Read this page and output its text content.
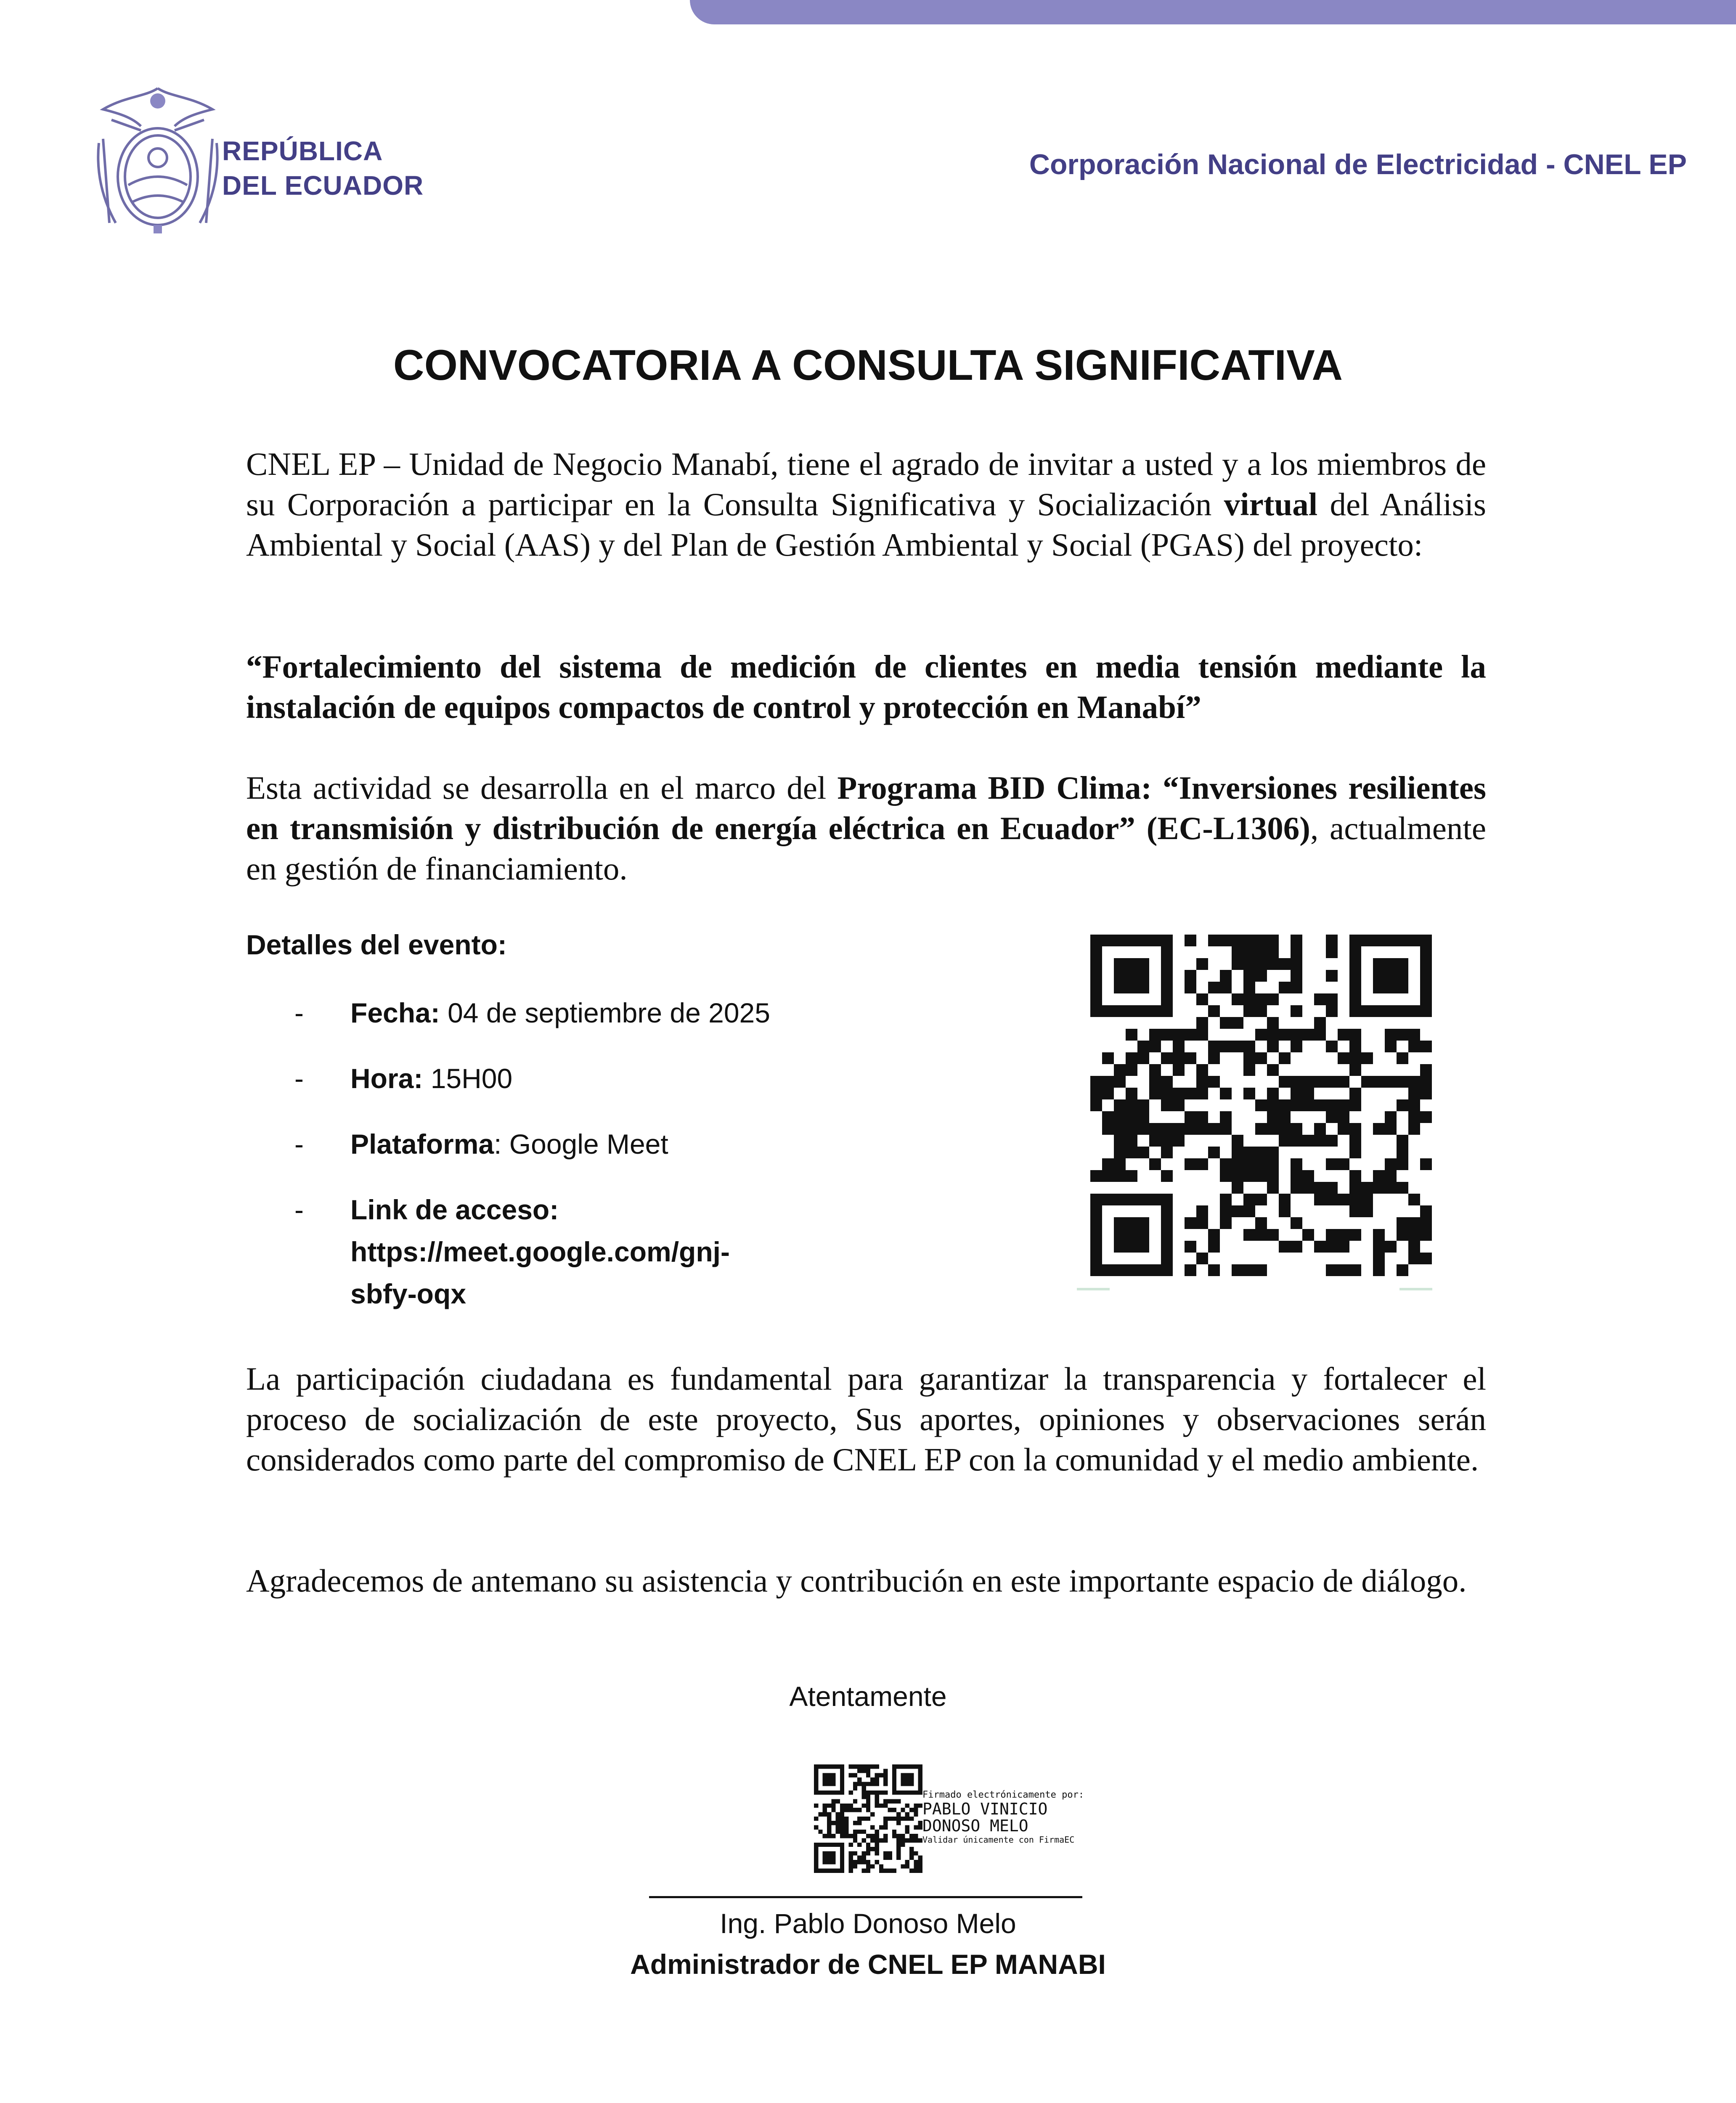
REPÚBLICA
DEL ECUADOR
Corporación Nacional de Electricidad - CNEL EP
CONVOCATORIA A CONSULTA SIGNIFICATIVA

CNEL EP – Unidad de Negocio Manabí, tiene el agrado de invitar a usted y a los miembros de su Corporación a participar en la Consulta Significativa y Socialización virtual del Análisis Ambiental y Social (AAS) y del Plan de Gestión Ambiental y Social (PGAS) del proyecto:

“Fortalecimiento del sistema de medición de clientes en media tensión mediante la instalación de equipos compactos de control y protección en Manabí”

Esta actividad se desarrolla en el marco del Programa BID Clima: “Inversiones resilientes en transmisión y distribución de energía eléctrica en Ecuador” (EC-L1306), actualmente en gestión de financiamiento.

Detalles del evento:
- Fecha: 04 de septiembre de 2025
- Hora: 15H00
- Plataforma: Google Meet
- Link de acceso:
https://meet.google.com/gnj-
sbfy-oqx

La participación ciudadana es fundamental para garantizar la transparencia y fortalecer el proceso de socialización de este proyecto, Sus aportes, opiniones y observaciones serán considerados como parte del compromiso de CNEL EP con la comunidad y el medio ambiente.

Agradecemos de antemano su asistencia y contribución en este importante espacio de diálogo.

Atentamente
Firmado electrónicamente por:
PABLO VINICIO
DONOSO MELO
Validar únicamente con FirmaEC
Ing. Pablo Donoso Melo
Administrador de CNEL EP MANABI
